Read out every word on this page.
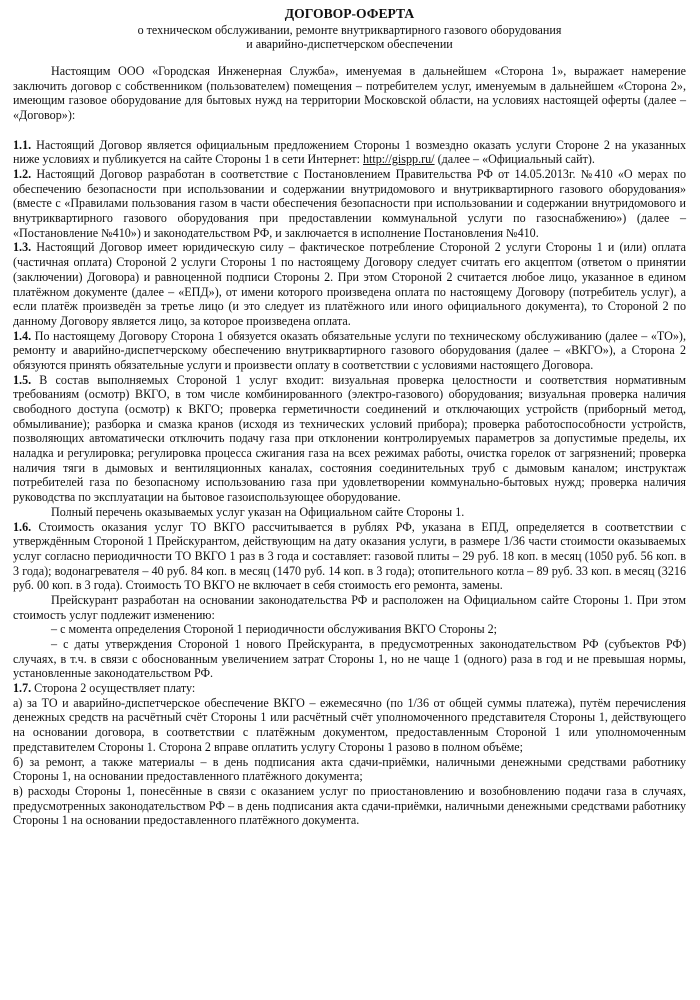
ДОГОВОР-ОФЕРТА

о техническом обслуживании, ремонте внутриквартирного газового оборудования
и аварийно-диспетчерском обеспечении

Настоящим ООО «Городская Инженерная Служба», именуемая в дальнейшем «Сторона 1», выражает намерение заключить договор с собственником (пользователем) помещения – потребителем услуг, именуемым в дальнейшем «Сторона 2», имеющим газовое оборудование для бытовых нужд на территории Московской области, на условиях настоящей оферты (далее – «Договор»):

1.1. Настоящий Договор является официальным предложением Стороны 1 возмездно оказать услуги Стороне 2 на указанных ниже условиях и публикуется на сайте Стороны 1 в сети Интернет: http://gispp.ru/ (далее – «Официальный сайт).

1.2. Настоящий Договор разработан в соответствие с Постановлением Правительства РФ от 14.05.2013г. №410 «О мерах по обеспечению безопасности при использовании и содержании внутридомового и внутриквартирного газового оборудования» (вместе с «Правилами пользования газом в части обеспечения безопасности при использовании и содержании внутридомового и внутриквартирного газового оборудования при предоставлении коммунальной услуги по газоснабжению») (далее – «Постановление №410») и законодательством РФ, и заключается в исполнение Постановления №410.

1.3. Настоящий Договор имеет юридическую силу – фактическое потребление Стороной 2 услуги Стороны 1 и (или) оплата (частичная оплата) Стороной 2 услуги Стороны 1 по настоящему Договору следует считать его акцептом (ответом о принятии (заключении) Договора) и равноценной подписи Стороны 2. При этом Стороной 2 считается любое лицо, указанное в едином платёжном документе (далее – «ЕПД»), от имени которого произведена оплата по настоящему Договору (потребитель услуг), а если платёж произведён за третье лицо (и это следует из платёжного или иного официального документа), то Стороной 2 по данному Договору является лицо, за которое произведена оплата.

1.4. По настоящему Договору Сторона 1 обязуется оказать обязательные услуги по техническому обслуживанию (далее – «ТО»), ремонту и аварийно-диспетчерскому обеспечению внутриквартирного газового оборудования (далее – «ВКГО»), а Сторона 2 обязуются принять обязательные услуги и произвести оплату в соответствии с условиями настоящего Договора.

1.5. В состав выполняемых Стороной 1 услуг входит: визуальная проверка целостности и соответствия нормативным требованиям (осмотр) ВКГО, в том числе комбинированного (электро-газового) оборудования; визуальная проверка наличия свободного доступа (осмотр) к ВКГО; проверка герметичности соединений и отключающих устройств (приборный метод, обмыливание); разборка и смазка кранов (исходя из технических условий прибора); проверка работоспособности устройств, позволяющих автоматически отключить подачу газа при отклонении контролируемых параметров за допустимые пределы, их наладка и регулировка; регулировка процесса сжигания газа на всех режимах работы, очистка горелок от загрязнений; проверка наличия тяги в дымовых и вентиляционных каналах, состояния соединительных труб с дымовым каналом; инструктаж потребителей газа по безопасному использованию газа при удовлетворении коммунально-бытовых нужд; проверка наличия руководства по эксплуатации на бытовое газоиспользующее оборудование.

Полный перечень оказываемых услуг указан на Официальном сайте Стороны 1.

1.6. Стоимость оказания услуг ТО ВКГО рассчитывается в рублях РФ, указана в ЕПД, определяется в соответствии с утверждённым Стороной 1 Прейскурантом, действующим на дату оказания услуги, в размере 1/36 части стоимости оказываемых услуг согласно периодичности ТО ВКГО 1 раз в 3 года и составляет: газовой плиты – 29 руб. 18 коп. в месяц (1050 руб. 56 коп. в 3 года); водонагревателя – 40 руб. 84 коп. в месяц (1470 руб. 14 коп. в 3 года); отопительного котла – 89 руб. 33 коп. в месяц (3216 руб. 00 коп. в 3 года). Стоимость ТО ВКГО не включает в себя стоимость его ремонта, замены.

Прейскурант разработан на основании законодательства РФ и расположен на Официальном сайте Стороны 1. При этом стоимость услуг подлежит изменению:

– с момента определения Стороной 1 периодичности обслуживания ВКГО Стороны 2;

– с даты утверждения Стороной 1 нового Прейскуранта, в предусмотренных законодательством РФ (субъектов РФ) случаях, в т.ч. в связи с обоснованным увеличением затрат Стороны 1, но не чаще 1 (одного) раза в год и не превышая нормы, установленные законодательством РФ.

1.7. Сторона 2 осуществляет плату:

а) за ТО и аварийно-диспетчерское обеспечение ВКГО – ежемесячно (по 1/36 от общей суммы платежа), путём перечисления денежных средств на расчётный счёт Стороны 1 или расчётный счёт уполномоченного представителя Стороны 1, действующего на основании договора, в соответствии с платёжным документом, предоставленным Стороной 1 или уполномоченным представителем Стороны 1. Сторона 2 вправе оплатить услугу Стороны 1 разово в полном объёме;

б) за ремонт, а также материалы – в день подписания акта сдачи-приёмки, наличными денежными средствами работнику Стороны 1, на основании предоставленного платёжного документа;

в) расходы Стороны 1, понесённые в связи с оказанием услуг по приостановлению и возобновлению подачи газа в случаях, предусмотренных законодательством РФ – в день подписания акта сдачи-приёмки, наличными денежными средствами работнику Стороны 1 на основании предоставленного платёжного документа.
